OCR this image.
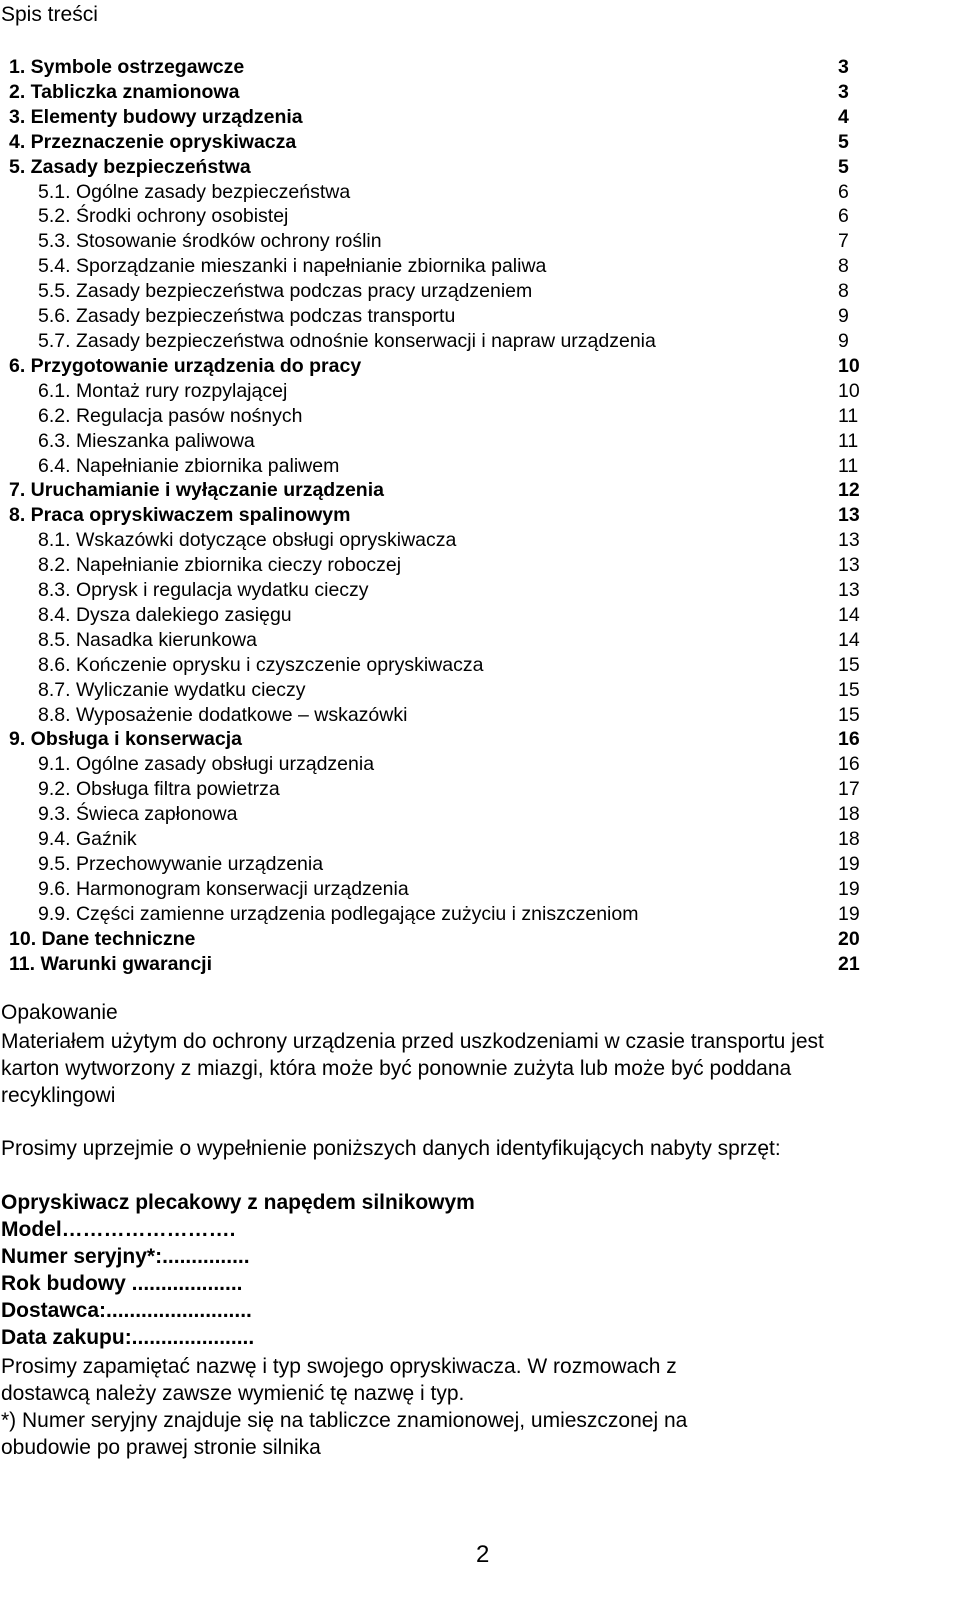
Spis treści
1. Symbole ostrzegawcze	3
2. Tabliczka znamionowa	3
3. Elementy budowy urządzenia	4
4. Przeznaczenie opryskiwacza	5
5. Zasady bezpieczeństwa	5
5.1. Ogólne zasady bezpieczeństwa	6
5.2. Środki ochrony osobistej	6
5.3. Stosowanie środków ochrony roślin	7
5.4. Sporządzanie mieszanki i napełnianie zbiornika paliwa	8
5.5. Zasady bezpieczeństwa podczas pracy urządzeniem	8
5.6. Zasady bezpieczeństwa podczas transportu	9
5.7. Zasady bezpieczeństwa odnośnie konserwacji i napraw urządzenia	9
6. Przygotowanie urządzenia do pracy	10
6.1. Montaż rury rozpylającej	10
6.2. Regulacja pasów nośnych	11
6.3. Mieszanka paliwowa	11
6.4. Napełnianie zbiornika paliwem	11
7. Uruchamianie i wyłączanie urządzenia	12
8. Praca opryskiwaczem spalinowym	13
8.1. Wskazówki dotyczące obsługi opryskiwacza	13
8.2. Napełnianie zbiornika cieczy roboczej	13
8.3. Oprysk i regulacja wydatku cieczy	13
8.4. Dysza dalekiego zasięgu	14
8.5. Nasadka kierunkowa	14
8.6. Kończenie oprysku i czyszczenie opryskiwacza	15
8.7. Wyliczanie wydatku cieczy	15
8.8. Wyposażenie dodatkowe – wskazówki	15
9. Obsługa i konserwacja	16
9.1. Ogólne zasady obsługi urządzenia	16
9.2. Obsługa filtra powietrza	17
9.3. Świeca zapłonowa	18
9.4. Gaźnik	18
9.5. Przechowywanie urządzenia	19
9.6. Harmonogram konserwacji urządzenia	19
9.9. Części zamienne urządzenia podlegające zużyciu i zniszczeniom	19
10. Dane techniczne	20
11. Warunki gwarancji	21
Opakowanie

Materiałem użytym do ochrony urządzenia przed uszkodzeniami w czasie transportu jest
karton wytworzony z miazgi, która może być ponownie zużyta lub może być poddana
recyklingowi

Prosimy uprzejmie o wypełnienie poniższych danych identyfikujących nabyty sprzęt:

Opryskiwacz plecakowy z napędem silnikowym
Model…………………….
Numer seryjny*:...............
Rok budowy ...................
Dostawca:.........................
Data zakupu:.....................
Prosimy zapamiętać nazwę i typ swojego opryskiwacza. W rozmowach z
dostawcą należy zawsze wymienić tę nazwę i typ.
*) Numer seryjny znajduje się na tabliczce znamionowej, umieszczonej na
obudowie po prawej stronie silnika
2
